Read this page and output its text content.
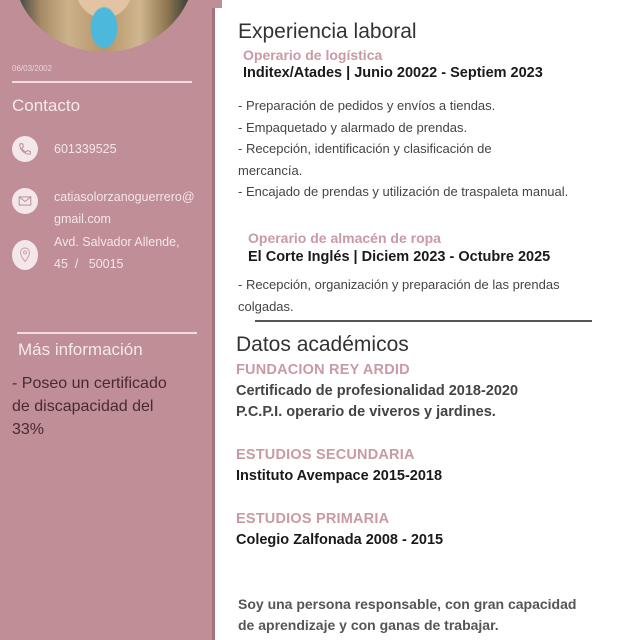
06/03/2002
Contacto
601339525
catiasolorzanoguerrero@
gmail.com
Avd. Salvador Allende,
45  /   50015
Más información
- Poseo un certificado de discapacidad del 33%
Experiencia laboral
Operario de logística
Inditex/Atades | Junio 20022 - Septiem 2023
- Preparación de pedidos y envíos a tiendas.
- Empaquetado y alarmado de prendas.
- Recepción, identificación y clasificación de mercancía.
- Encajado de prendas y utilización de traspaleta manual.
Operario de almacén de ropa
El Corte Inglés | Diciem 2023 - Octubre 2025
- Recepción, organización y preparación de las prendas colgadas.
Datos académicos
FUNDACION REY ARDID
Certificado de profesionalidad 2018-2020
P.C.P.I. operario de viveros y jardines.
ESTUDIOS SECUNDARIA
Instituto Avempace 2015-2018
ESTUDIOS PRIMARIA
Colegio Zalfonada 2008 - 2015
Soy una persona responsable, con gran capacidad de aprendizaje y con ganas de trabajar.
